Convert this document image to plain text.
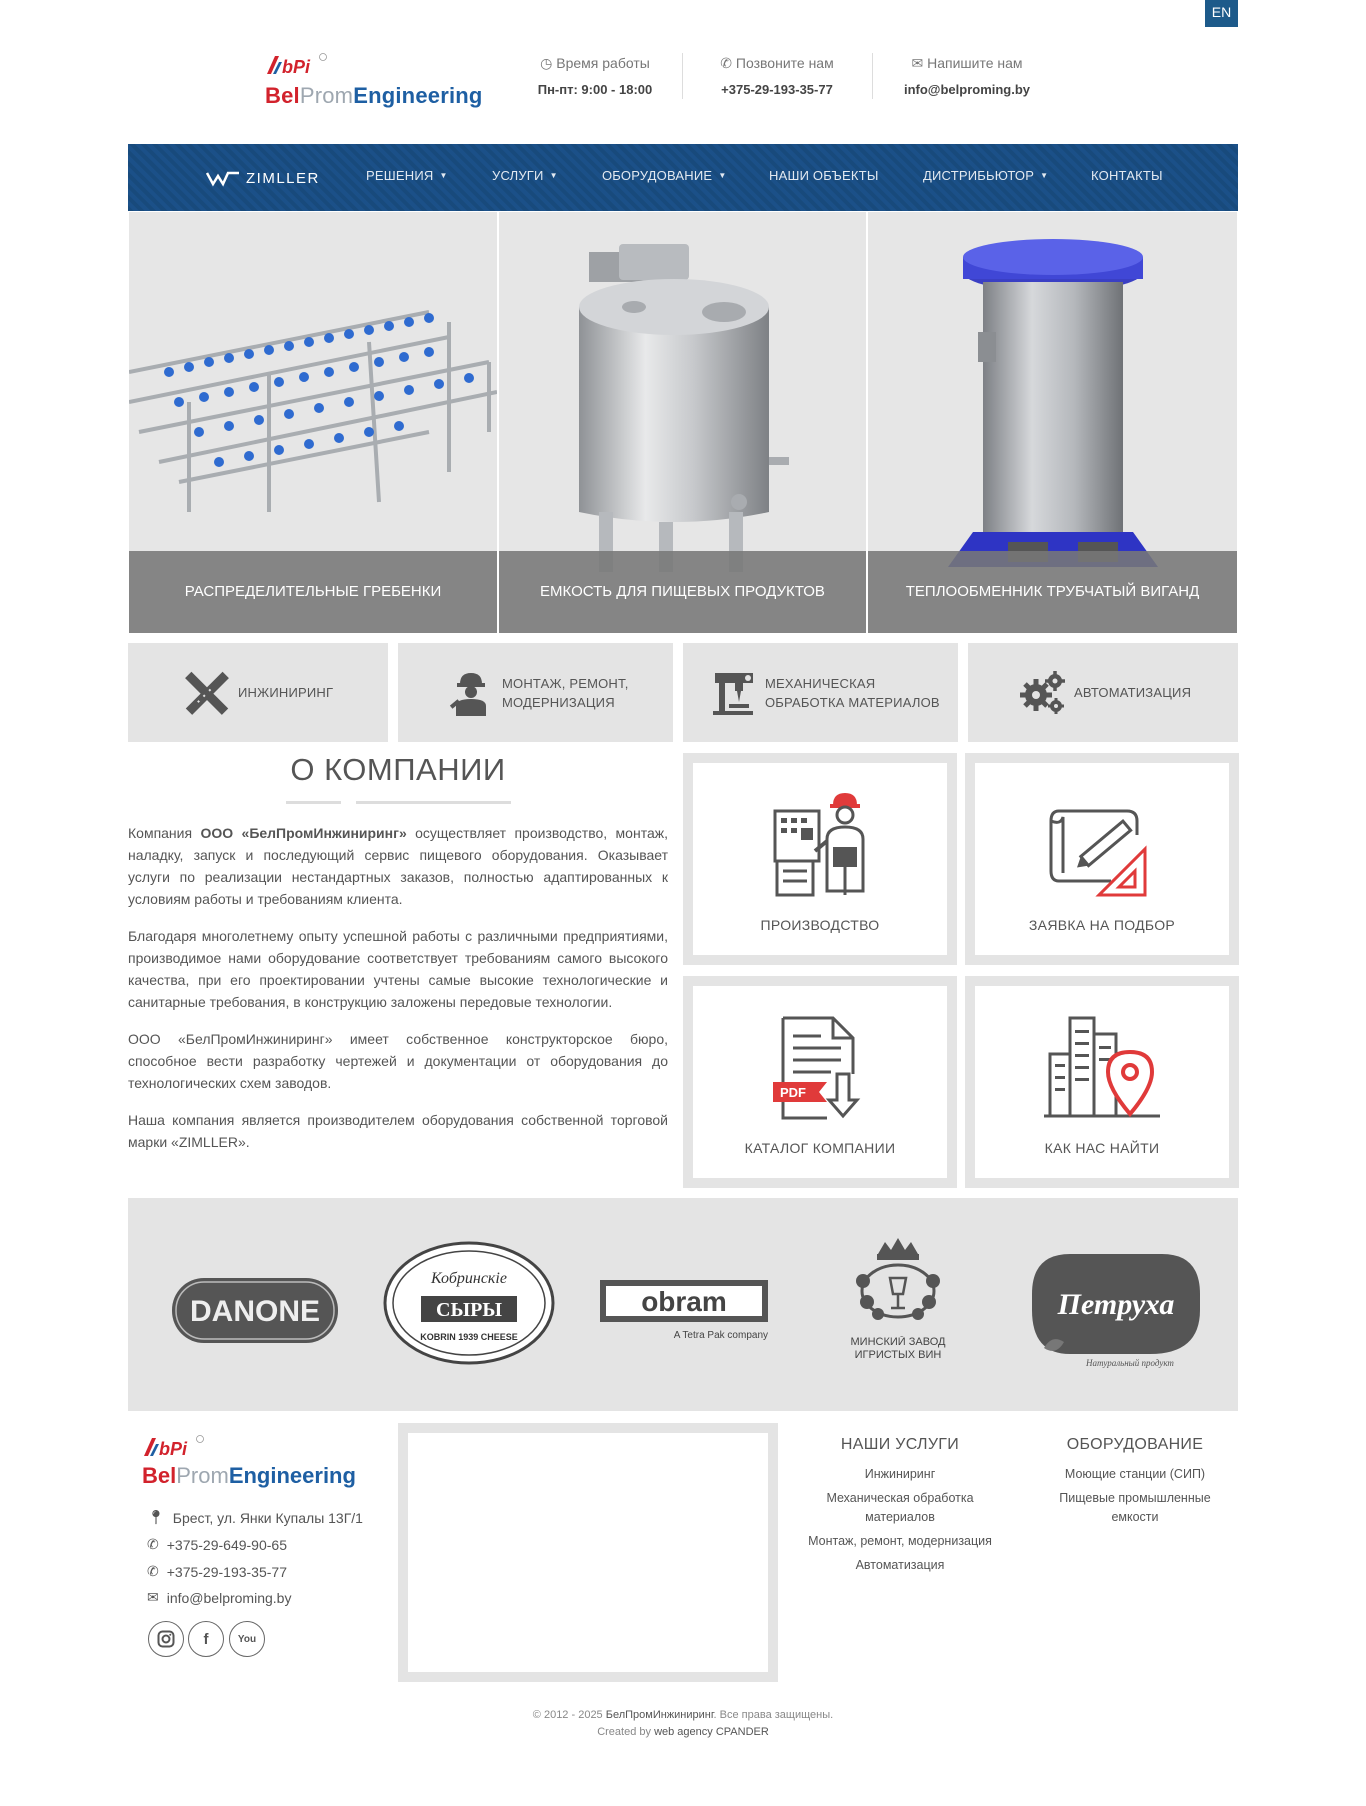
EN
bPi
BelPromEngineering
◷ Время работы
Пн-пт: 9:00 - 18:00
✆ Позвоните нам
+375-29-193-35-77
✉ Напишите нам
info@belproming.by
ZIMLLER	РЕШЕНИЯ ▼	УСЛУГИ ▼	ОБОРУДОВАНИЕ ▼	НАШИ ОБЪЕКТЫ	ДИСТРИБЬЮТОР ▼	КОНТАКТЫ
РАСПРЕДЕЛИТЕЛЬНЫЕ ГРЕБЕНКИ	ЕМКОСТЬ ДЛЯ ПИЩЕВЫХ ПРОДУКТОВ	ТЕПЛООБМЕННИК ТРУБЧАТЫЙ ВИГАНД
ИНЖИНИРИНГ
МОНТАЖ, РЕМОНТ,
МОДЕРНИЗАЦИЯ
МЕХАНИЧЕСКАЯ
ОБРАБОТКА МАТЕРИАЛОВ
АВТОМАТИЗАЦИЯ
О КОМПАНИИ

Компания ООО «БелПромИнжиниринг» осуществляет производство, монтаж, наладку, запуск и последующий сервис пищевого оборудования. Оказывает услуги по реализации нестандартных заказов, полностью адаптированных к условиям работы и требованиям клиента.

Благодаря многолетнему опыту успешной работы с различными предприятиями, производимое нами оборудование соответствует требованиям самого высокого качества, при его проектировании учтены самые высокие технологические и санитарные требования, в конструкцию заложены передовые технологии.

ООО «БелПромИнжиниринг» имеет собственное конструкторское бюро, способное вести разработку чертежей и документации от оборудования до технологических схем заводов.

Наша компания является производителем оборудования собственной торговой марки «ZIMLLER».

ПРОИЗВОДСТВО	ЗАЯВКА НА ПОДБОР
PDF
КАТАЛОГ КОМПАНИИ	КАК НАС НАЙТИ
DANONE
Кобринскіе
СЫРЫ
KOBRIN 1939 CHEESE
obram
A Tetra Pak company
МИНСКИЙ ЗАВОД ИГРИСТЫХ ВИН
Петруха
Натуральный продукт
bPi
BelPromEngineering
📍︎ Брест, ул. Янки Купалы 13Г/1
✆ +375-29-649-90-65
✆ +375-29-193-35-77
✉ info@belproming.by
f	You

НАШИ УСЛУГИ
Инжиниринг
Механическая обработка материалов
Монтаж, ремонт, модернизация
Автоматизация
ОБОРУДОВАНИЕ
Моющие станции (СИП)
Пищевые промышленные емкости
© 2012 - 2025 БелПромИнжиниринг. Все права защищены.
Created by web agency CPANDER
